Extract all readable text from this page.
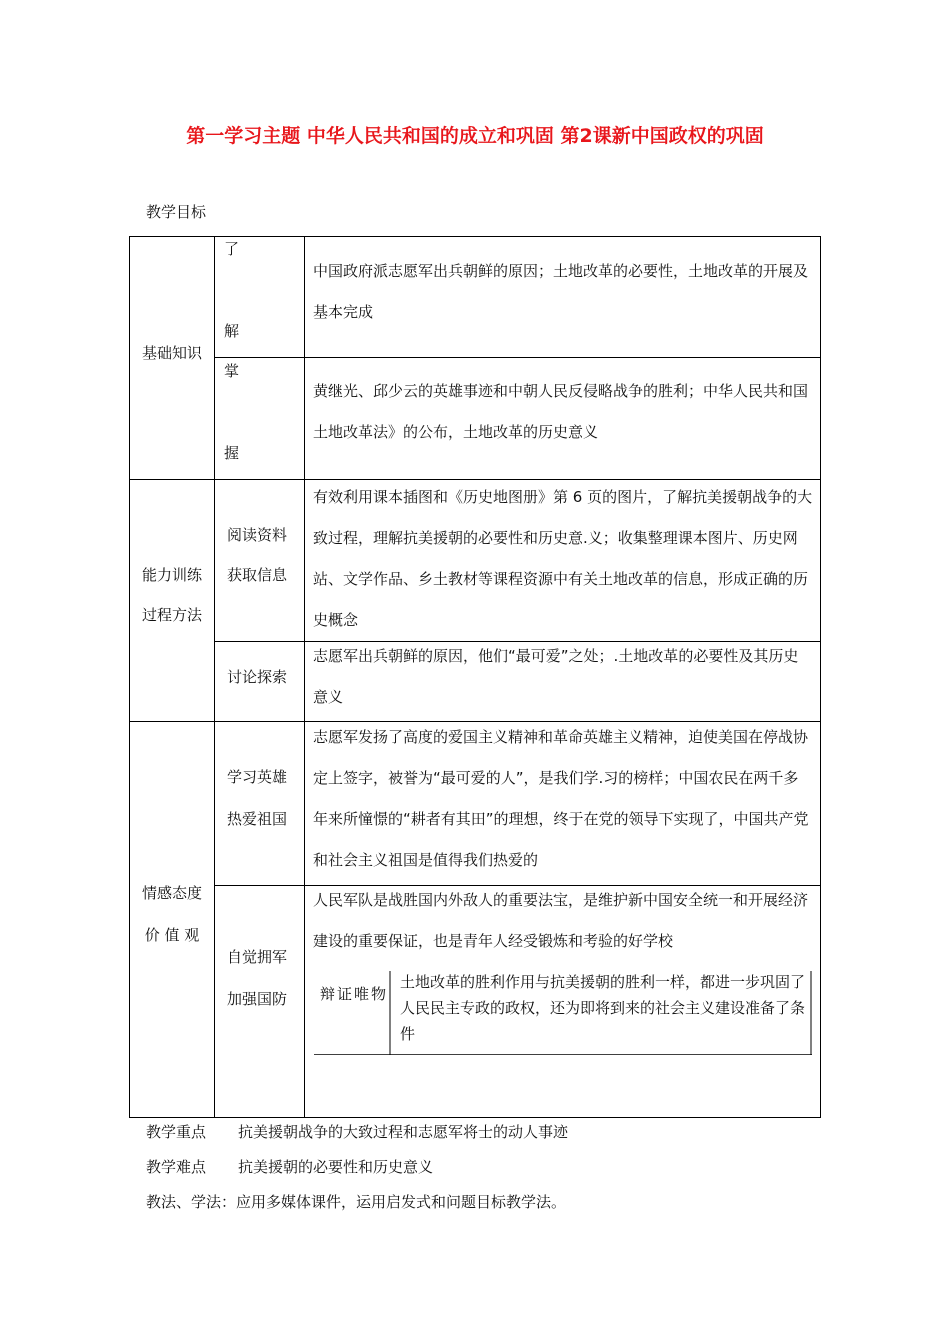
第一学习主题 中华人民共和国的成立和巩固 第2课新中国政权的巩固
教学目标
基础知识
了
解
中国政府派志愿军出兵朝鲜的原因；土地改革的必要性，土地改革的开展及基本完成
掌
握
黄继光、邱少云的英雄事迹和中朝人民反侵略战争的胜利；中华人民共和国土地改革法》的公布，土地改革的历史意义
能力训练
过程方法
阅读资料
获取信息
有效利用课本插图和《历史地图册》第 6 页的图片，了解抗美援朝战争的大致过程，理解抗美援朝的必要性和历史意.义；收集整理课本图片、历史网站、文学作品、乡土教材等课程资源中有关土地改革的信息，形成正确的历史概念
讨论探索
志愿军出兵朝鲜的原因，他们“最可爱”之处；.土地改革的必要性及其历史意义
情感态度
价 值 观
学习英雄
热爱祖国
志愿军发扬了高度的爱国主义精神和革命英雄主义精神，迫使美国在停战协定上签字，被誉为“最可爱的人”，是我们学.习的榜样；中国农民在两千多年来所憧憬的“耕者有其田”的理想，终于在党的领导下实现了，中国共产党和社会主义祖国是值得我们热爱的
自觉拥军
加强国防
人民军队是战胜国内外敌人的重要法宝，是维护新中国安全统一和开展经济建设的重要保证，也是青年人经受锻炼和考验的好学校
辩证唯物
土地改革的胜利作用与抗美援朝的胜利一样，都进一步巩固了人民民主专政的政权，还为即将到来的社会主义建设准备了条件
教学重点 抗美援朝战争的大致过程和志愿军将士的动人事迹
教学难点 抗美援朝的必要性和历史意义
教法、学法：应用多媒体课件，运用启发式和问题目标教学法。
